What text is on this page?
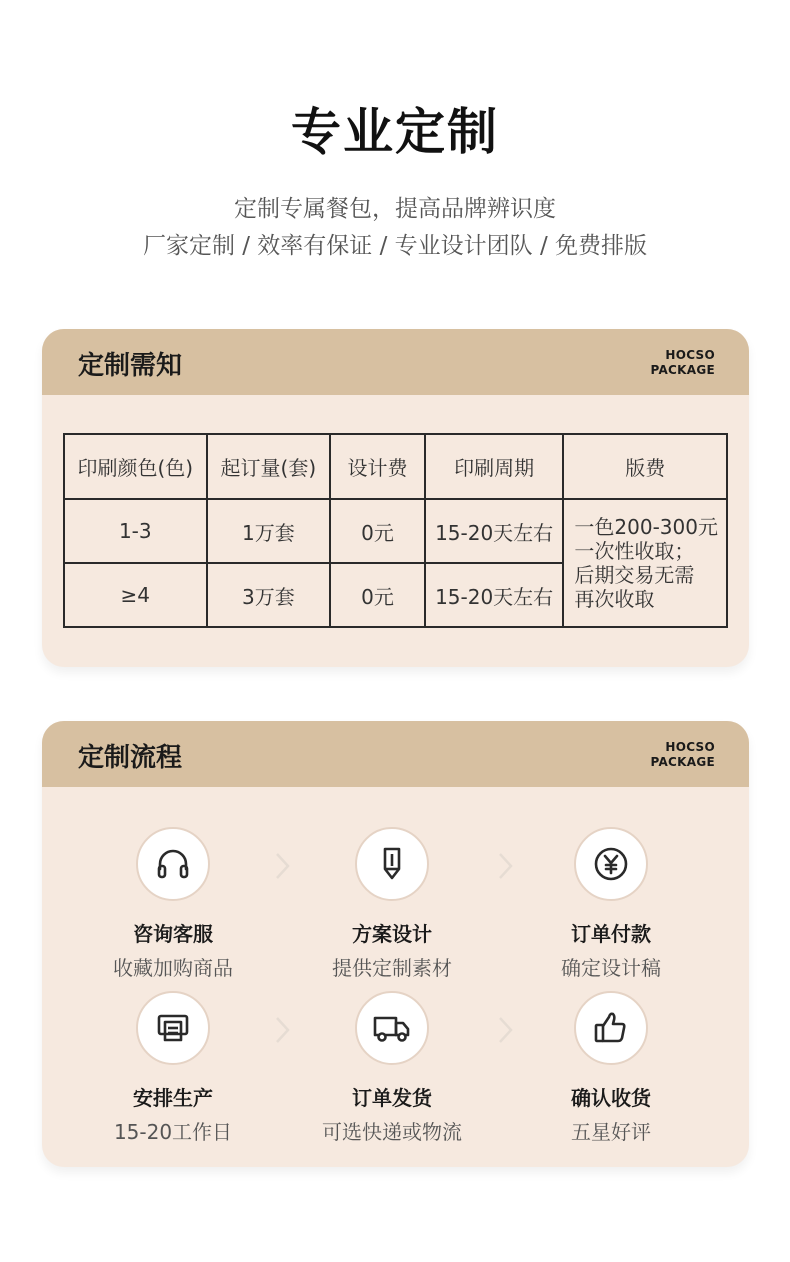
专业定制
定制专属餐包，提高品牌辨识度
厂家定制 / 效率有保证 / 专业设计团队 / 免费排版
定制需知	HOCSO
PACKAGE
印刷颜色(色)	起订量(套)	设计费	印刷周期	版费
1-3	1万套	0元	15-20天左右	一色200-300元
一次性收取；
后期交易无需
再次收取

≥4	3万套	0元	15-20天左右	
定制流程	HOCSO
PACKAGE
咨询客服
收藏加购商品
方案设计
提供定制素材
订单付款
确定设计稿
安排生产
15-20工作日
订单发货
可选快递或物流
确认收货
五星好评
